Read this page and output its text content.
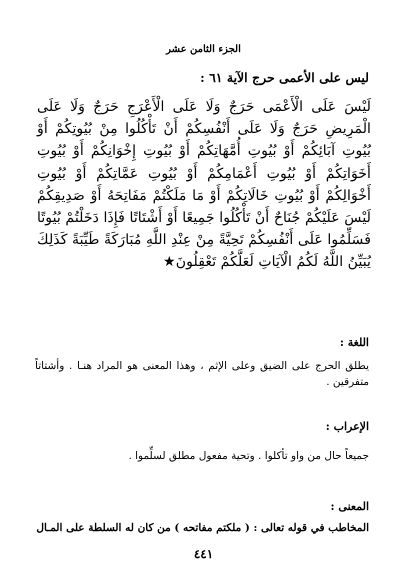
الجزء الثامن عشر
ليس على الأعمى حرج الآية ٦١ :
لَيْسَ عَلَى الْأَعْمَى حَرَجٌ وَلَا عَلَى الْأَعْرَجِ حَرَجٌ وَلَا عَلَى الْمَرِيضِ حَرَجٌ وَلَا عَلَى أَنْفُسِكُمْ أَنْ تَأْكُلُوا مِنْ بُيُوتِكُمْ أَوْ بُيُوتِ آبَائِكُمْ أَوْ بُيُوتِ أُمَّهَاتِكُمْ أَوْ بُيُوتِ إِخْوَانِكُمْ أَوْ بُيُوتِ أَخَوَاتِكُمْ أَوْ بُيُوتِ أَعْمَامِكُمْ أَوْ بُيُوتِ عَمَّاتِكُمْ أَوْ بُيُوتِ أَخْوَالِكُمْ أَوْ بُيُوتِ خَالَاتِكُمْ أَوْ مَا مَلَكْتُمْ مَفَاتِحَهُ أَوْ صَدِيقِكُمْ لَيْسَ عَلَيْكُمْ جُنَاحٌ أَنْ تَأْكُلُوا جَمِيعًا أَوْ أَشْتَاتًا فَإِذَا دَخَلْتُمْ بُيُوتًا فَسَلِّمُوا عَلَى أَنْفُسِكُمْ تَحِيَّةً مِنْ عِنْدِ اللَّهِ مُبَارَكَةً طَيِّبَةً كَذَلِكَ يُبَيِّنُ اللَّهُ لَكُمُ الْآيَاتِ لَعَلَّكُمْ تَعْقِلُونَ★
اللغة :
يطلق الحرج على الضيق وعلى الإثم ، وهذا المعنى هو المراد هنـا . وأشتاتاً متفرقين .
الإعراب :
جميعاً حال من واو تأكلوا . وتحية مفعول مطلق لسلِّموا .
المعنى :
المخاطب في قوله تعالى : ( ملكتم مفاتحه ) من كان له السلطة على المـال
٤٤١
